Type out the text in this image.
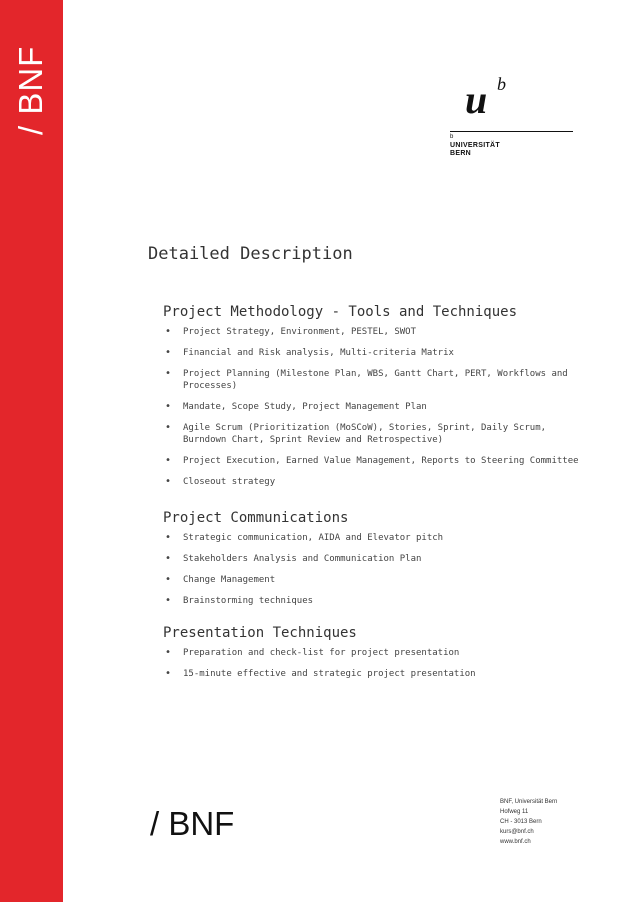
/ BNF	u b
b
UNIVERSITÄT
BERN
Detailed Description
Project Methodology - Tools and Techniques
• Project Strategy, Environment, PESTEL, SWOT
• Financial and Risk analysis, Multi-criteria Matrix
• Project Planning (Milestone Plan, WBS, Gantt Chart, PERT, Workflows and Processes)
• Mandate, Scope Study, Project Management Plan
• Agile Scrum (Prioritization (MoSCoW), Stories, Sprint, Daily Scrum, Burndown Chart, Sprint Review and Retrospective)
• Project Execution, Earned Value Management, Reports to Steering Committee
• Closeout strategy
Project Communications
• Strategic communication, AIDA and Elevator pitch
• Stakeholders Analysis and Communication Plan
• Change Management
• Brainstorming techniques
Presentation Techniques
• Preparation and check-list for project presentation
• 15-minute effective and strategic project presentation
/ BNF
BNF, Universität Bern
Hofweg 11
CH - 3013 Bern
kurs@bnf.ch
www.bnf.ch
